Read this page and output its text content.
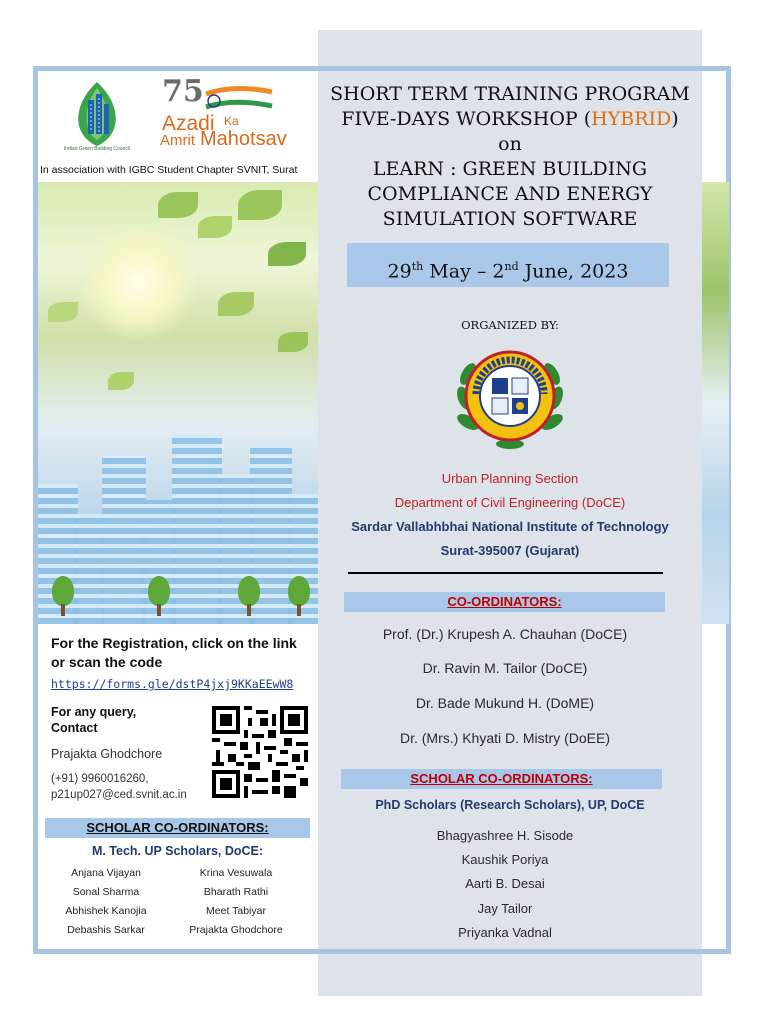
Indian Green Building Council
75
Azadi Ka
Amrit Mahotsav
In association with IGBC Student Chapter SVNIT, Surat
SHORT TERM TRAINING PROGRAM
FIVE-DAYS WORKSHOP (HYBRID)
on
LEARN : GREEN BUILDING
COMPLIANCE AND ENERGY
SIMULATION SOFTWARE
29th May – 2nd June, 2023
ORGANIZED BY:
Urban Planning Section
Department of Civil Engineering (DoCE)
Sardar Vallabhbhai National Institute of Technology
Surat-395007 (Gujarat)
CO-ORDINATORS:
Prof. (Dr.) Krupesh A. Chauhan (DoCE)
Dr. Ravin M. Tailor (DoCE)
Dr. Bade Mukund H. (DoME)
Dr. (Mrs.) Khyati D. Mistry (DoEE)
SCHOLAR CO-ORDINATORS:
PhD Scholars (Research Scholars), UP, DoCE
Bhagyashree H. Sisode
Kaushik Poriya
Aarti B. Desai
Jay Tailor
Priyanka Vadnal
For the Registration, click on the link
or scan the code
https://forms.gle/dstP4jxj9KKaEEwW8
For any query,
Contact
Prajakta Ghodchore
(+91) 9960016260,
p21up027@ced.svnit.ac.in
SCHOLAR CO-ORDINATORS:
M. Tech. UP Scholars, DoCE:
Anjana Vijayan
Sonal Sharma
Abhishek Kanojia
Debashis Sarkar
Krina Vesuwala
Bharath Rathi
Meet Tabiyar
Prajakta Ghodchore
